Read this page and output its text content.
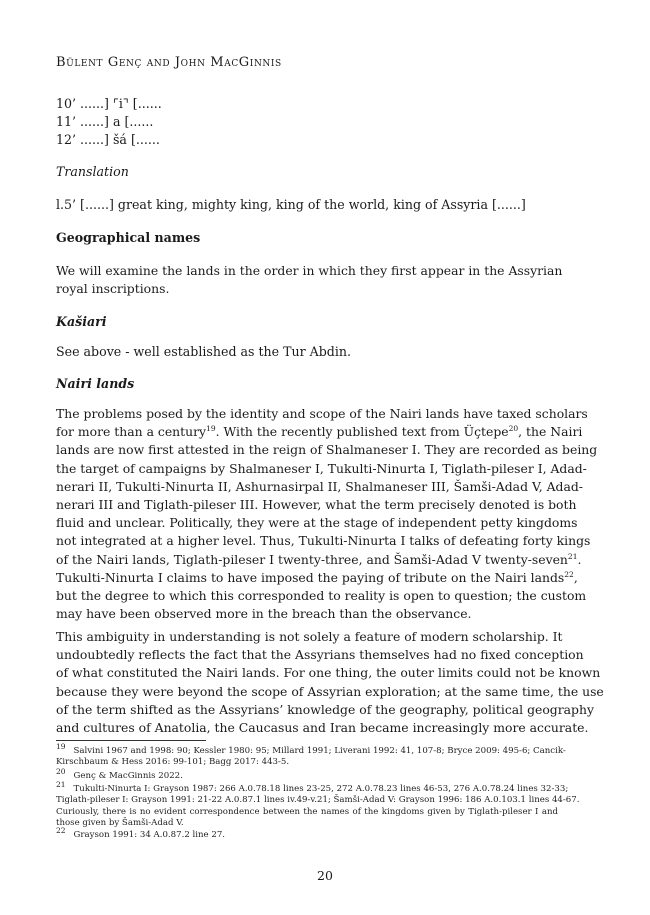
Bülent Genç and John MacGinnis
10’ ......] ⌜i⌝ [......
11’ ......] a [......
12’ ......] šá [......
Translation
l.5’ [......] great king, mighty king, king of the world, king of Assyria [......]
Geographical names
We will examine the lands in the order in which they first appear in the Assyrian
royal inscriptions.
Kašiari
See above - well established as the Tur Abdin.
Nairi lands
The problems posed by the identity and scope of the Nairi lands have taxed scholars
for more than a century$^{19}$. With the recently published text from Üçtepe$^{20}$, the Nairi
lands are now first attested in the reign of Shalmaneser I. They are recorded as being
the target of campaigns by Shalmaneser I, Tukulti-Ninurta I, Tiglath-pileser I, Adad-
nerari II, Tukulti-Ninurta II, Ashurnasirpal II, Shalmaneser III, Šamši-Adad V, Adad-
nerari III and Tiglath-pileser III. However, what the term precisely denoted is both
fluid and unclear. Politically, they were at the stage of independent petty kingdoms
not integrated at a higher level. Thus, Tukulti-Ninurta I talks of defeating forty kings
of the Nairi lands, Tiglath-pileser I twenty-three, and Šamši-Adad V twenty-seven$^{21}$.
Tukulti-Ninurta I claims to have imposed the paying of tribute on the Nairi lands$^{22}$,
but the degree to which this corresponded to reality is open to question; the custom
may have been observed more in the breach than the observance.
This ambiguity in understanding is not solely a feature of modern scholarship. It
undoubtedly reflects the fact that the Assyrians themselves had no fixed conception
of what constituted the Nairi lands. For one thing, the outer limits could not be known
because they were beyond the scope of Assyrian exploration; at the same time, the use
of the term shifted as the Assyrians’ knowledge of the geography, political geography
and cultures of Anatolia, the Caucasus and Iran became increasingly more accurate.
19 Salvini 1967 and 1998: 90; Kessler 1980: 95; Millard 1991; Liverani 1992: 41, 107-8; Bryce 2009: 495-6; Cancik-
Kirschbaum & Hess 2016: 99-101; Bagg 2017: 443-5.
20 Genç & MacGinnis 2022.
21 Tukulti-Ninurta I: Grayson 1987: 266 A.0.78.18 lines 23-25, 272 A.0.78.23 lines 46-53, 276 A.0.78.24 lines 32-33;
Tiglath-pileser I: Grayson 1991: 21-22 A.0.87.1 lines iv.49-v.21; Šamši-Adad V: Grayson 1996: 186 A.0.103.1 lines 44-67.
Curiously, there is no evident correspondence between the names of the kingdoms given by Tiglath-pileser I and
those given by Šamši-Adad V.
22 Grayson 1991: 34 A.0.87.2 line 27.
20
